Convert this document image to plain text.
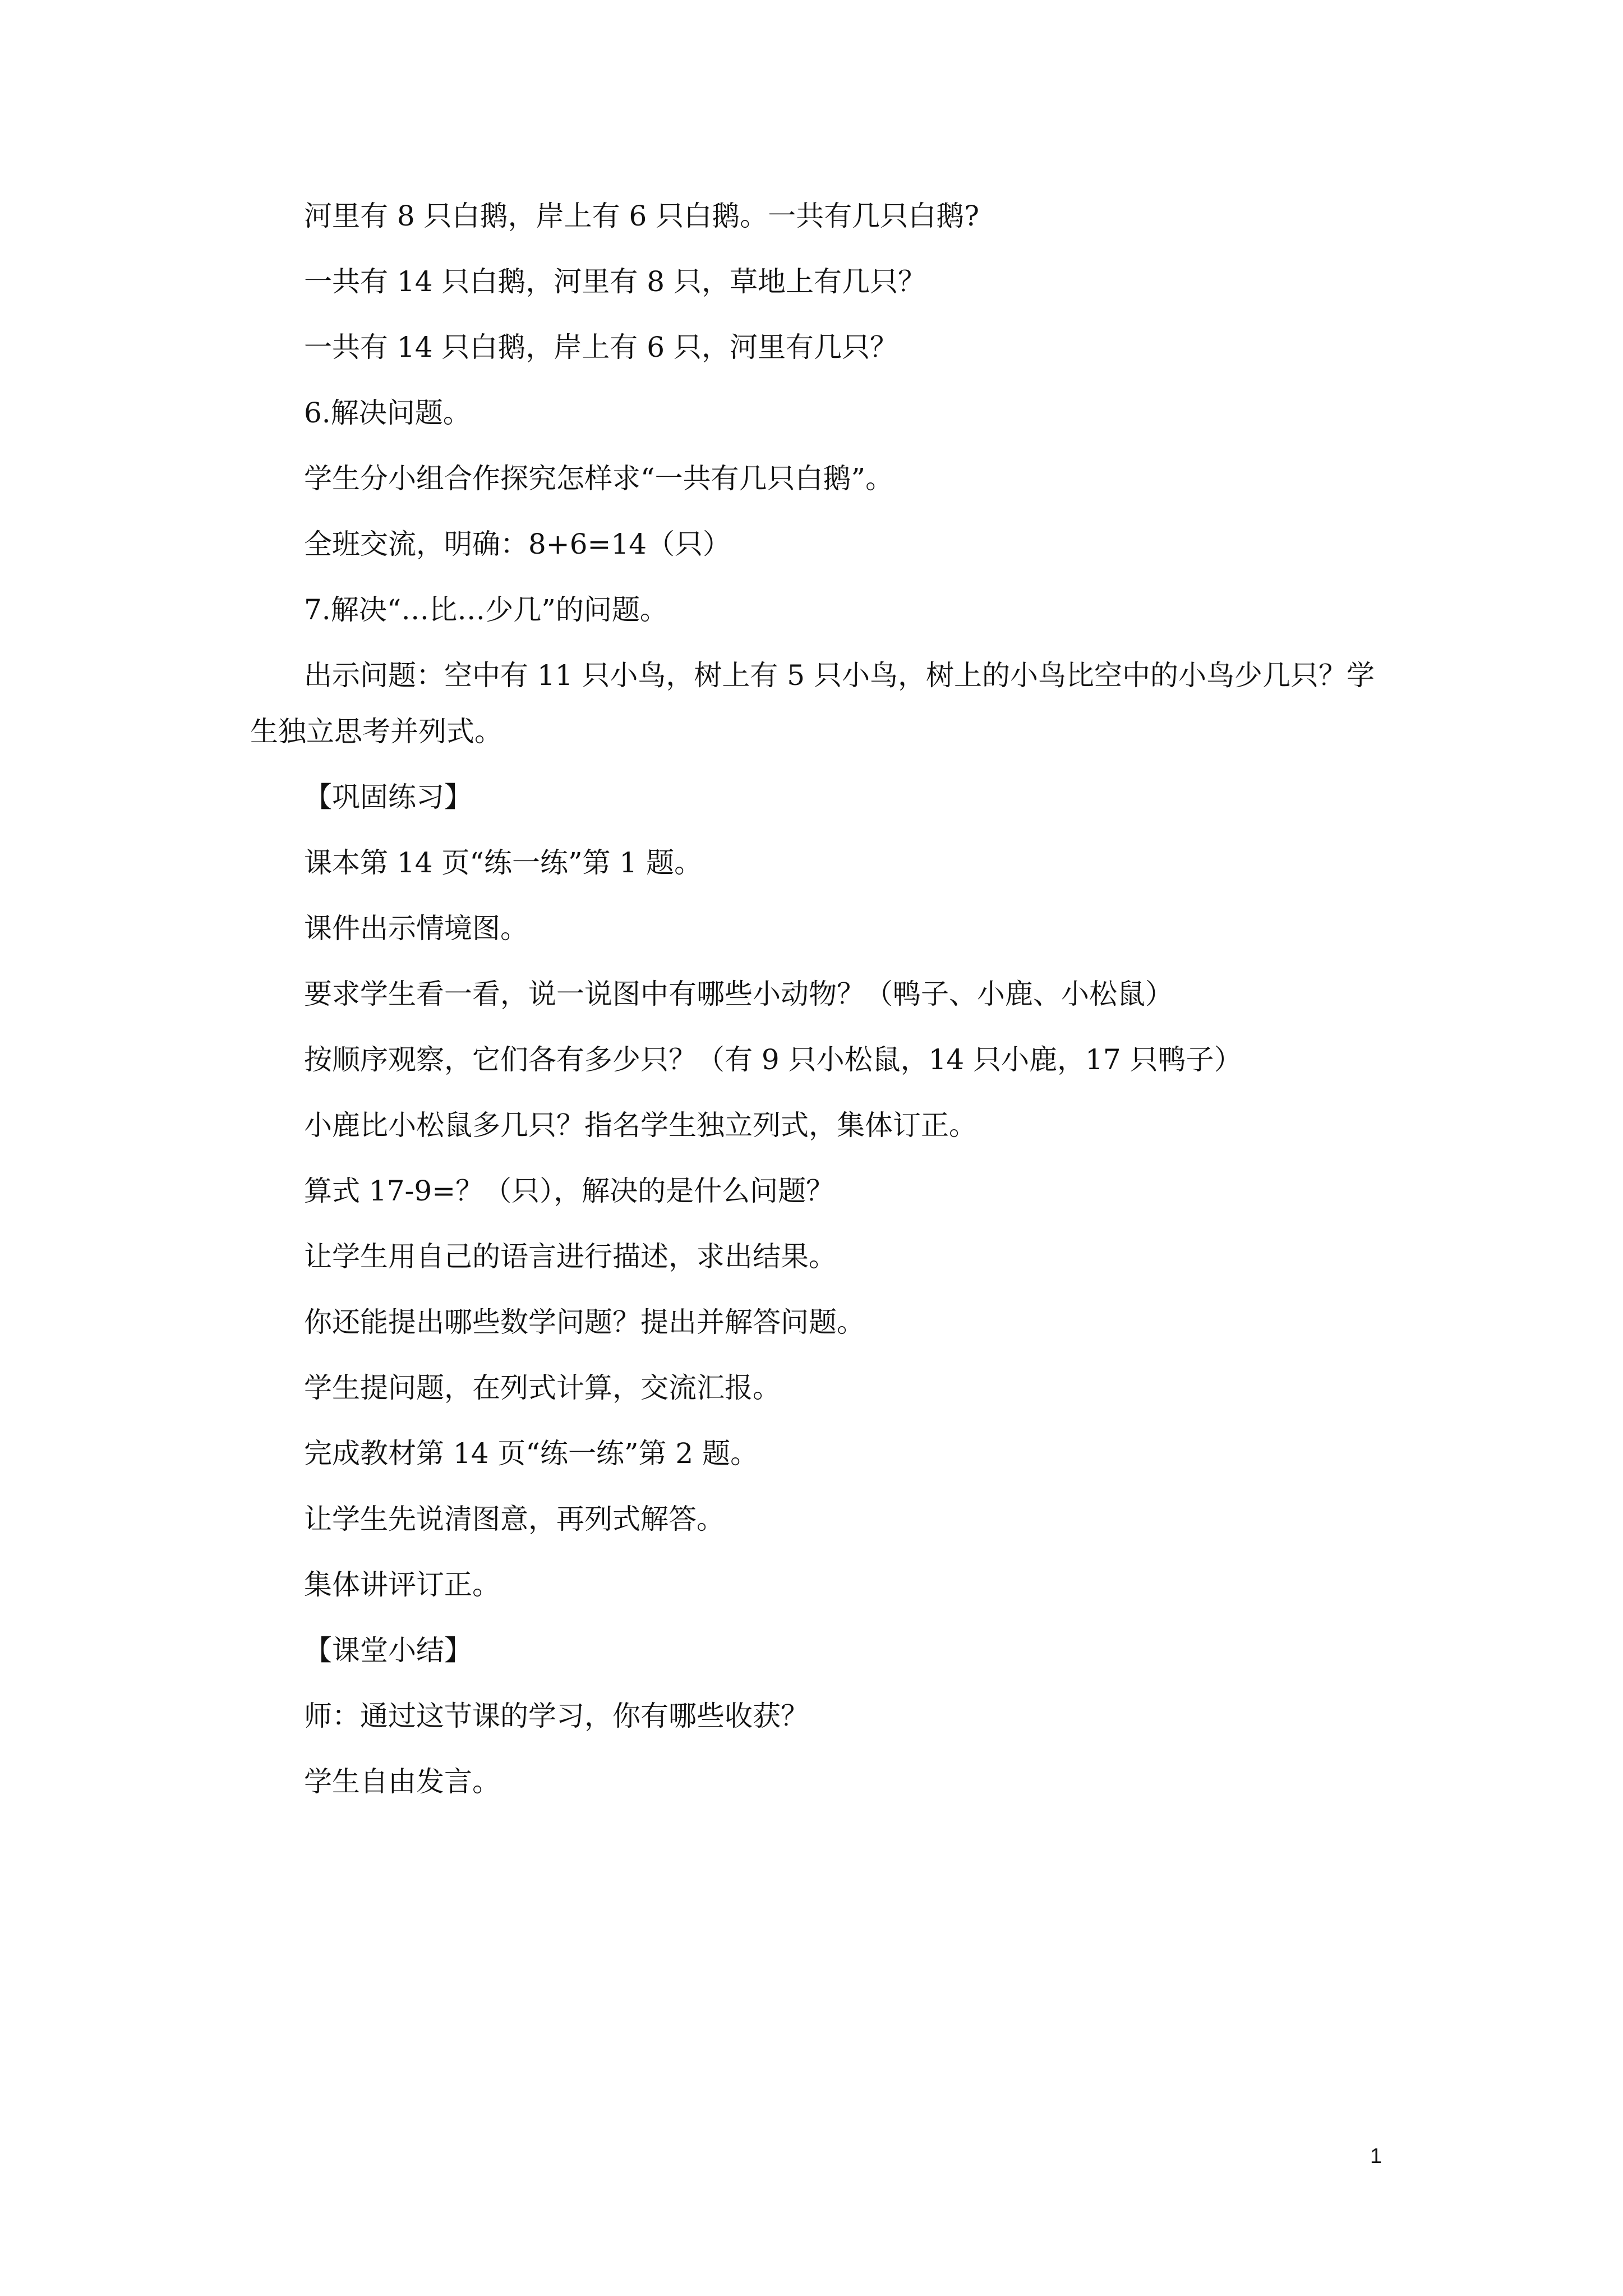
河里有 8 只白鹅，岸上有 6 只白鹅。一共有几只白鹅?
一共有 14 只白鹅，河里有 8 只，草地上有几只？
一共有 14 只白鹅，岸上有 6 只，河里有几只？
6.解决问题。
学生分小组合作探究怎样求“一共有几只白鹅”。
全班交流，明确：8+6=14（只）
7.解决“…比…少几”的问题。
出示问题：空中有 11 只小鸟，树上有 5 只小鸟，树上的小鸟比空中的小鸟少几只？学
生独立思考并列式。
【巩固练习】
课本第 14 页“练一练”第 1 题。
课件出示情境图。
要求学生看一看，说一说图中有哪些小动物？（鸭子、小鹿、小松鼠）
按顺序观察，它们各有多少只？（有 9 只小松鼠，14 只小鹿，17 只鸭子）
小鹿比小松鼠多几只？指名学生独立列式，集体订正。
算式 17-9=？（只），解决的是什么问题？
让学生用自己的语言进行描述，求出结果。
你还能提出哪些数学问题？提出并解答问题。
学生提问题，在列式计算，交流汇报。
完成教材第 14 页“练一练”第 2 题。
让学生先说清图意，再列式解答。
集体讲评订正。
【课堂小结】
师：通过这节课的学习，你有哪些收获？
学生自由发言。
1
